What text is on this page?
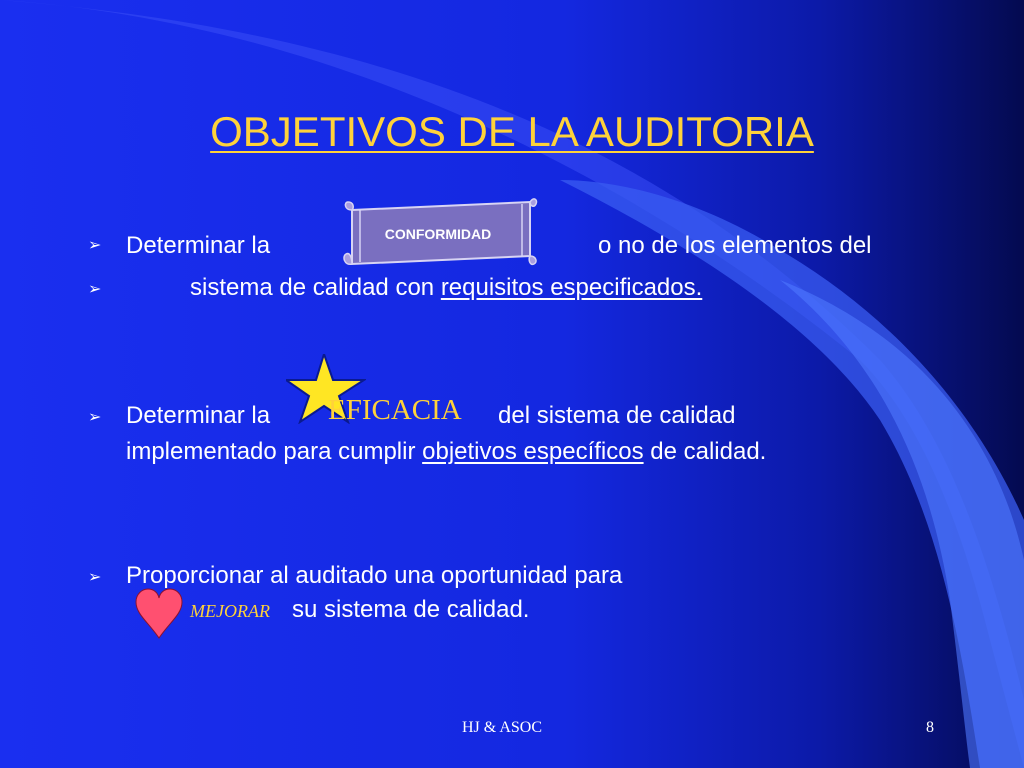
OBJETIVOS DE LA AUDITORIA
➢ Determinar la	CONFORMIDAD	o no de los elementos del
➢	sistema de calidad con requisitos especificados.
➢ Determinar la EFICACIA del sistema de calidad
implementado para cumplir objetivos específicos de calidad.
➢ Proporcionar al auditado una oportunidad para
MEJORAR su sistema de calidad.
HJ & ASOC	8
